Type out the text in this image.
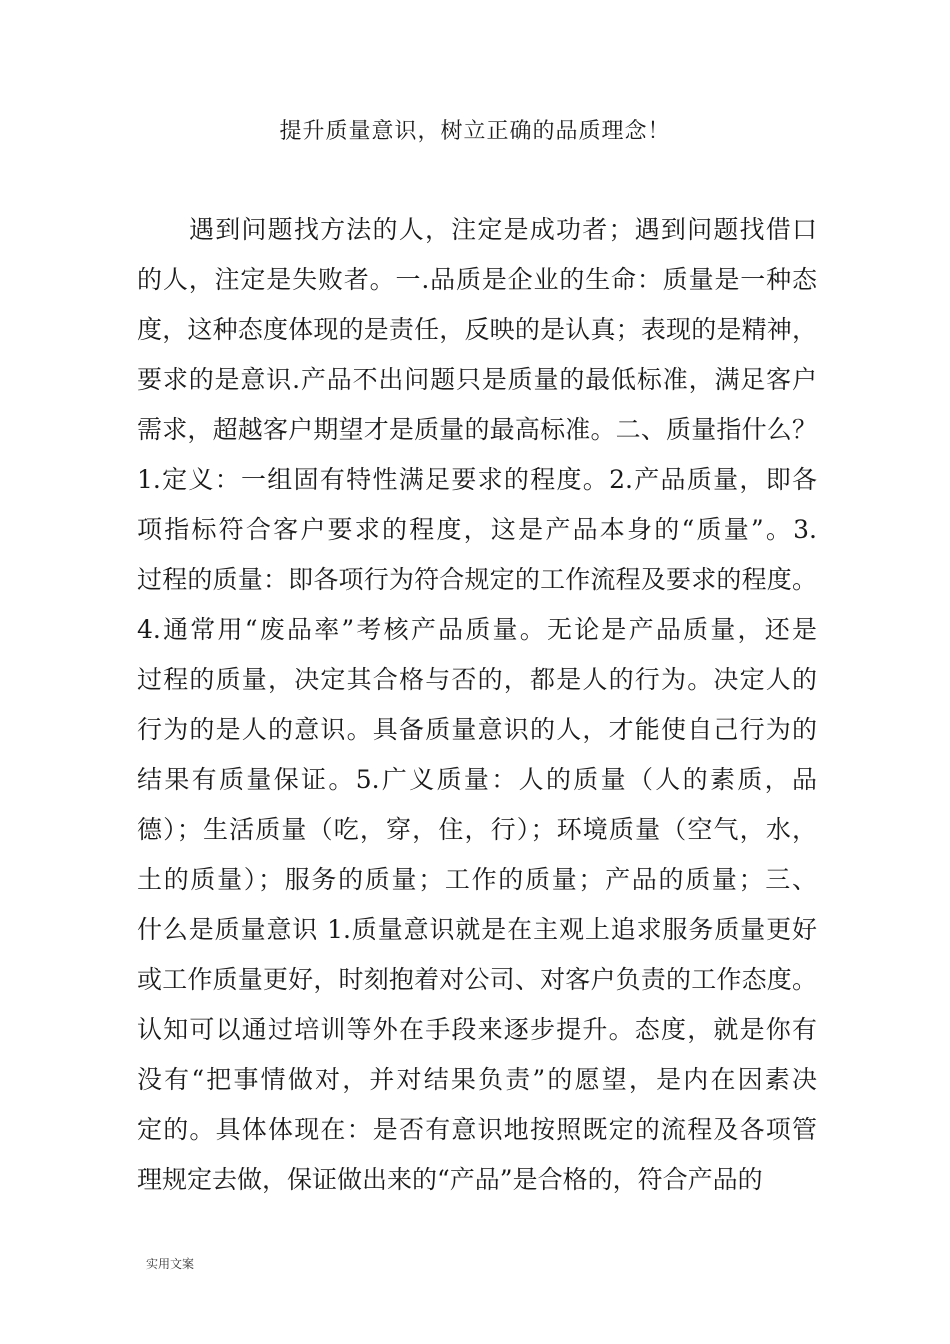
提升质量意识，树立正确的品质理念！
遇到问题找方法的人，注定是成功者；遇到问题找借口
的人，注定是失败者。一.品质是企业的生命：质量是一种态
度，这种态度体现的是责任，反映的是认真；表现的是精神，
要求的是意识.产品不出问题只是质量的最低标准，满足客户
需求，超越客户期望才是质量的最高标准。二、质量指什么？
1.定义：一组固有特性满足要求的程度。2.产品质量，即各
项指标符合客户要求的程度，这是产品本身的“质量”。3.
过程的质量：即各项行为符合规定的工作流程及要求的程度。
4.通常用“废品率”考核产品质量。无论是产品质量，还是
过程的质量，决定其合格与否的，都是人的行为。决定人的
行为的是人的意识。具备质量意识的人，才能使自己行为的
结果有质量保证。5.广义质量：人的质量（人的素质，品
德）；生活质量（吃，穿，住，行）；环境质量（空气，水，
土的质量）；服务的质量；工作的质量；产品的质量；三、
什么是质量意识 1.质量意识就是在主观上追求服务质量更好
或工作质量更好，时刻抱着对公司、对客户负责的工作态度。
认知可以通过培训等外在手段来逐步提升。态度，就是你有
没有“把事情做对，并对结果负责”的愿望，是内在因素决
定的。具体体现在：是否有意识地按照既定的流程及各项管
理规定去做，保证做出来的“产品”是合格的，符合产品的
实用文案
